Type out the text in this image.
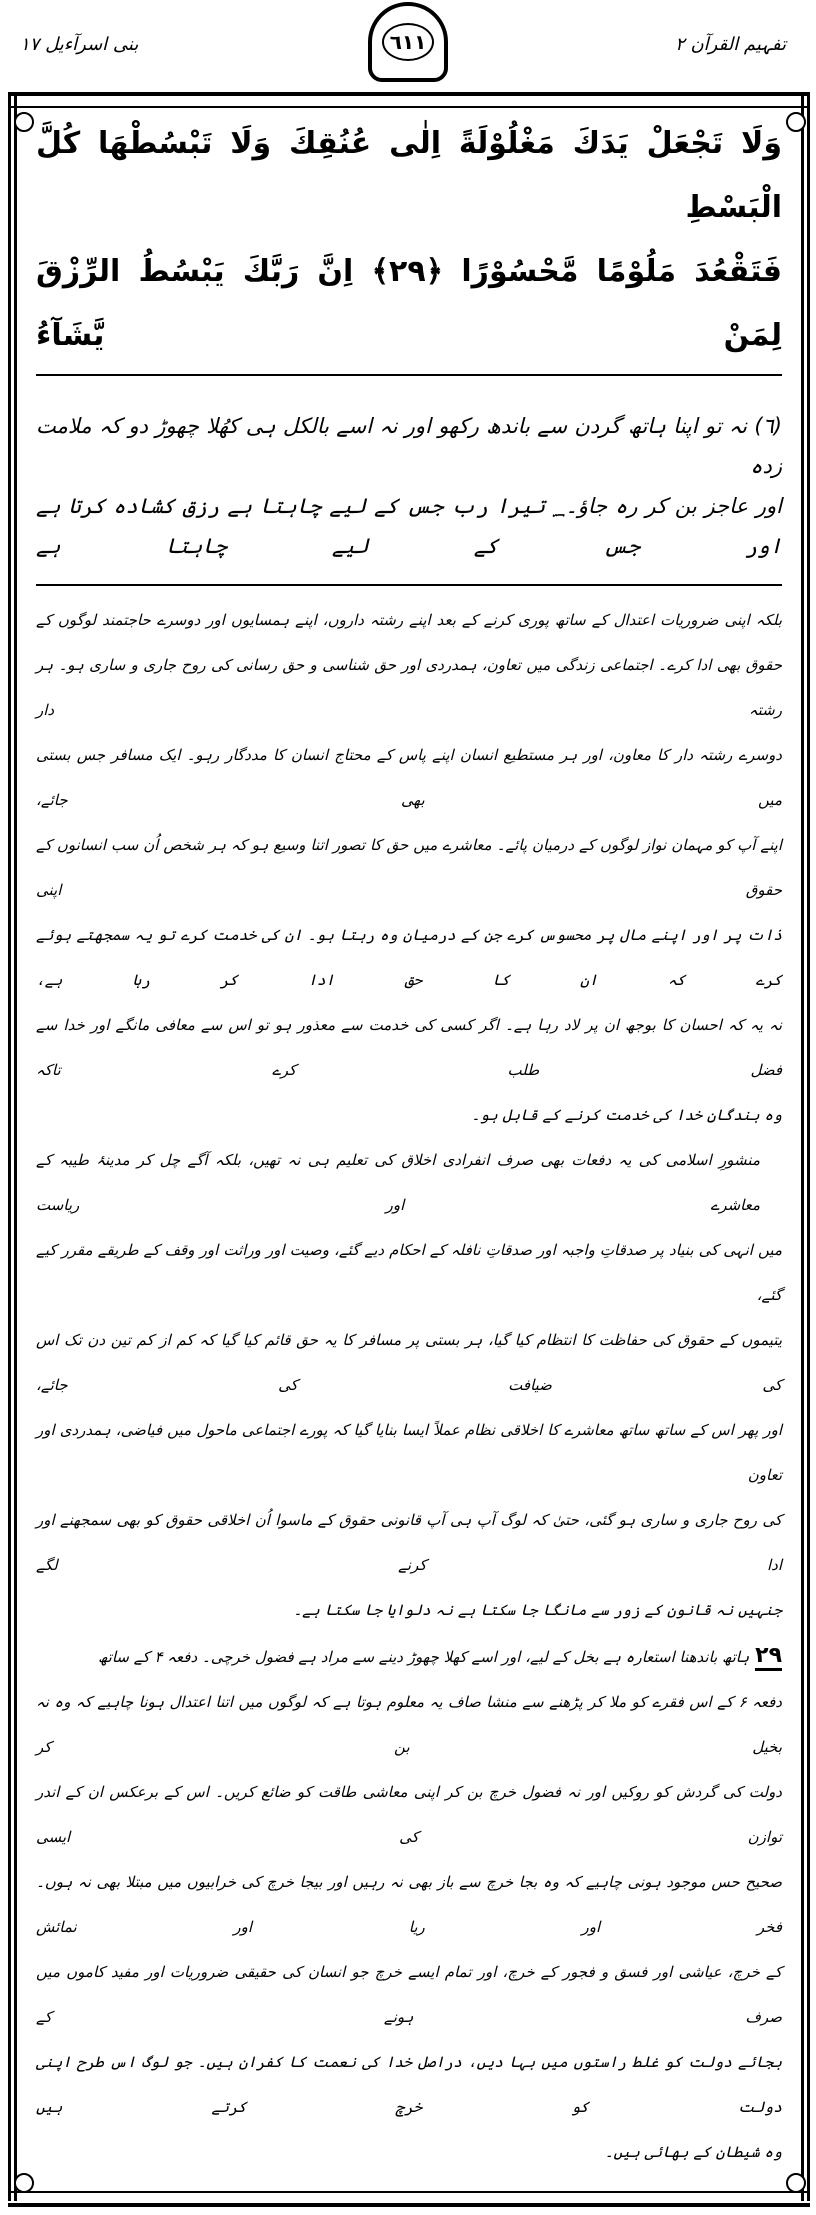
تفہیم القرآن ۲
٦١١
بنی اسرآءیل ۱۷
وَلَا تَجْعَلْ يَدَكَ مَغْلُوْلَةً اِلٰى عُنُقِكَ وَلَا تَبْسُطْهَا كُلَّ الْبَسْطِ
فَتَقْعُدَ مَلُوْمًا مَّحْسُوْرًا ﴿٢٩﴾ اِنَّ رَبَّكَ يَبْسُطُ الرِّزْقَ لِمَنْ يَّشَآءُ
(٦) نہ تو اپنا ہاتھ گردن سے باندھ رکھو اور نہ اسے بالکل ہی کھُلا چھوڑ دو کہ ملامت زدہ
اور عاجز بن کر رہ جاؤ۔؁ تیرا رب جس کے لیے چاہتا ہے رزق کشادہ کرتا ہے اور جس کے لیے چاہتا ہے
بلکہ اپنی ضروریات اعتدال کے ساتھ پوری کرنے کے بعد اپنے رشتہ داروں، اپنے ہمسایوں اور دوسرے حاجتمند لوگوں کے
حقوق بھی ادا کرے۔ اجتماعی زندگی میں تعاون، ہمدردی اور حق شناسی و حق رسانی کی روح جاری و ساری ہو۔ ہر رشتہ دار
دوسرے رشتہ دار کا معاون، اور ہر مستطیع انسان اپنے پاس کے محتاج انسان کا مددگار رہو۔ ایک مسافر جس بستی میں بھی جائے،
اپنے آپ کو مہمان نواز لوگوں کے درمیان پائے۔ معاشرے میں حق کا تصور اتنا وسیع ہو کہ ہر شخص اُن سب انسانوں کے حقوق اپنی
ذات پر اور اپنے مال پر محسوس کرے جن کے درمیان وہ رہتا ہو۔ ان کی خدمت کرے تو یہ سمجھتے ہوئے کرے کہ ان کا حق ادا کر رہا ہے،
نہ یہ کہ احسان کا بوجھ ان پر لاد رہا ہے۔ اگر کسی کی خدمت سے معذور ہو تو اس سے معافی مانگے اور خدا سے فضل طلب کرے تاکہ
وہ بندگانِ خدا کی خدمت کرنے کے قابل ہو۔
منشورِ اسلامی کی یہ دفعات بھی صرف انفرادی اخلاق کی تعلیم ہی نہ تھیں، بلکہ آگے چل کر مدینۂ طیبہ کے معاشرے اور ریاست
میں انہی کی بنیاد پر صدقاتِ واجبہ اور صدقاتِ نافلہ کے احکام دیے گئے، وصیت اور وراثت اور وقف کے طریقے مقرر کیے گئے،
یتیموں کے حقوق کی حفاظت کا انتظام کیا گیا، ہر بستی پر مسافر کا یہ حق قائم کیا گیا کہ کم از کم تین دن تک اس کی ضیافت کی جائے،
اور پھر اس کے ساتھ ساتھ معاشرے کا اخلاقی نظام عملاً ایسا بنایا گیا کہ پورے اجتماعی ماحول میں فیاضی، ہمدردی اور تعاون
کی روح جاری و ساری ہو گئی، حتیٰ کہ لوگ آپ ہی آپ قانونی حقوق کے ماسوا اُن اخلاقی حقوق کو بھی سمجھنے اور ادا کرنے لگے
جنہیں نہ قانون کے زور سے مانگا جا سکتا ہے نہ دلوایا جا سکتا ہے۔
۲۹ہاتھ باندھنا استعارہ ہے بخل کے لیے، اور اسے کھلا چھوڑ دینے سے مراد ہے فضول خرچی۔ دفعہ ۴ کے ساتھ
دفعہ ۶ کے اس فقرے کو ملا کر پڑھنے سے منشا صاف یہ معلوم ہوتا ہے کہ لوگوں میں اتنا اعتدال ہونا چاہیے کہ وہ نہ بخیل بن کر
دولت کی گردش کو روکیں اور نہ فضول خرچ بن کر اپنی معاشی طاقت کو ضائع کریں۔ اس کے برعکس ان کے اندر توازن کی ایسی
صحیح حس موجود ہونی چاہیے کہ وہ بجا خرچ سے باز بھی نہ رہیں اور بیجا خرچ کی خرابیوں میں مبتلا بھی نہ ہوں۔ فخر اور ریا اور نمائش
کے خرچ، عیاشی اور فسق و فجور کے خرچ، اور تمام ایسے خرچ جو انسان کی حقیقی ضروریات اور مفید کاموں میں صرف ہونے کے
بجائے دولت کو غلط راستوں میں بہا دیں، دراصل خدا کی نعمت کا کفران ہیں۔ جو لوگ اس طرح اپنی دولت کو خرچ کرتے ہیں
وہ شیطان کے بھائی ہیں۔
